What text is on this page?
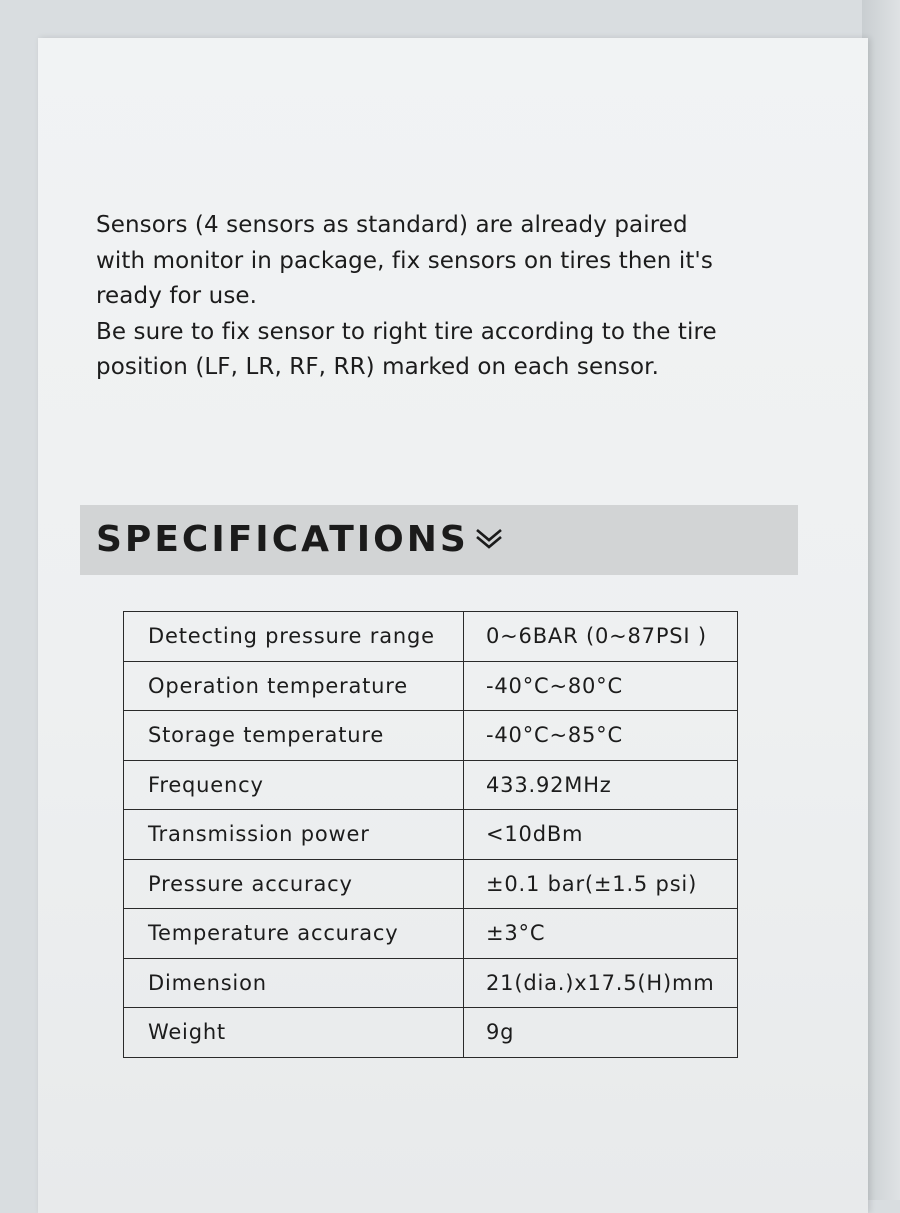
Sensors (4 sensors as standard) are already paired
with monitor in package, fix sensors on tires then it's
ready for use.

Be sure to fix sensor to right tire according to the tire
position (LF, LR, RF, RR) marked on each sensor.

SPECIFICATIONS
Detecting pressure range	0~6BAR (0~87PSI )
Operation temperature	-40°C~80°C
Storage temperature	-40°C~85°C
Frequency	433.92MHz
Transmission power	<10dBm
Pressure accuracy	±0.1 bar(±1.5 psi)
Temperature accuracy	±3°C
Dimension	21(dia.)x17.5(H)mm
Weight	9g
